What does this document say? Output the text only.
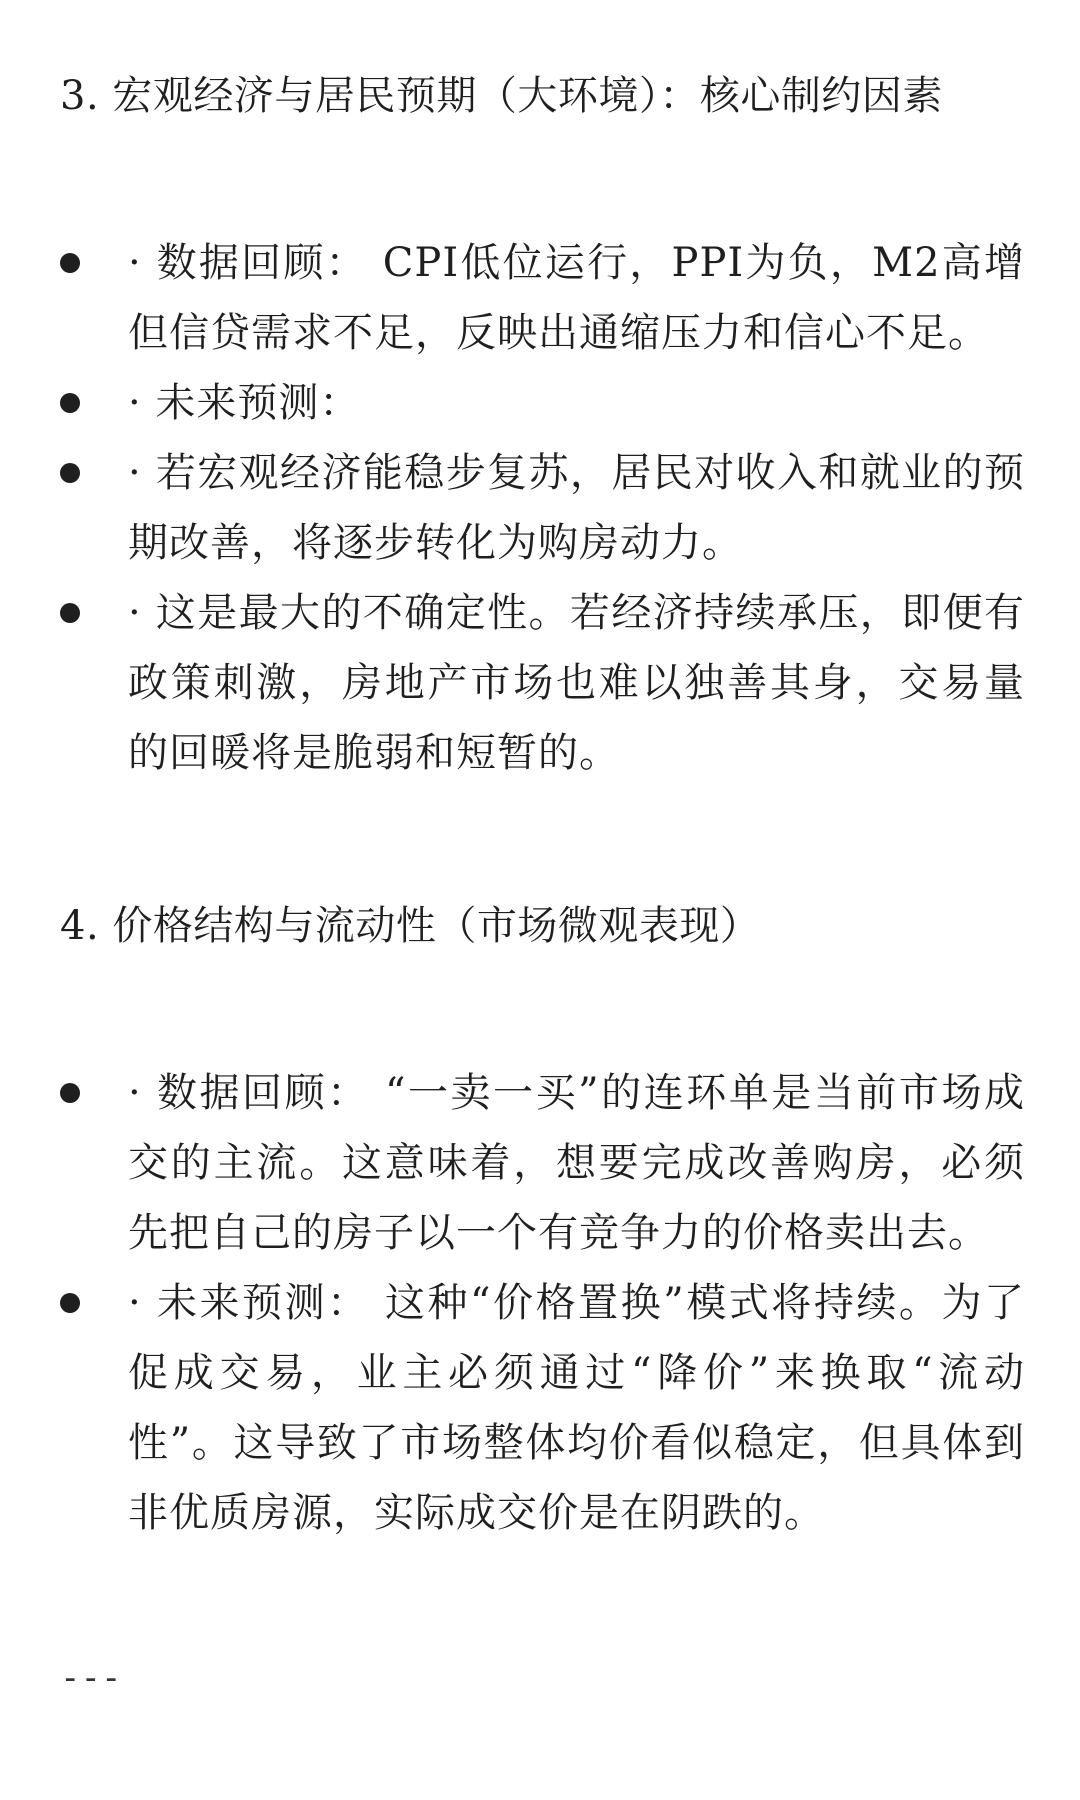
3. 宏观经济与居民预期（大环境）：核心制约因素
· 数据回顾： CPI低位运行，PPI为负，M2高增但信贷需求不足，反映出通缩压力和信心不足。
· 未来预测：
· 若宏观经济能稳步复苏，居民对收入和就业的预期改善，将逐步转化为购房动力。
· 这是最大的不确定性。若经济持续承压，即便有政策刺激，房地产市场也难以独善其身，交易量的回暖将是脆弱和短暂的。
4. 价格结构与流动性（市场微观表现）
· 数据回顾： “一卖一买”的连环单是当前市场成交的主流。这意味着，想要完成改善购房，必须先把自己的房子以一个有竞争力的价格卖出去。
· 未来预测： 这种“价格置换”模式将持续。为了促成交易，业主必须通过“降价”来换取“流动性”。这导致了市场整体均价看似稳定，但具体到非优质房源，实际成交价是在阴跌的。
---
